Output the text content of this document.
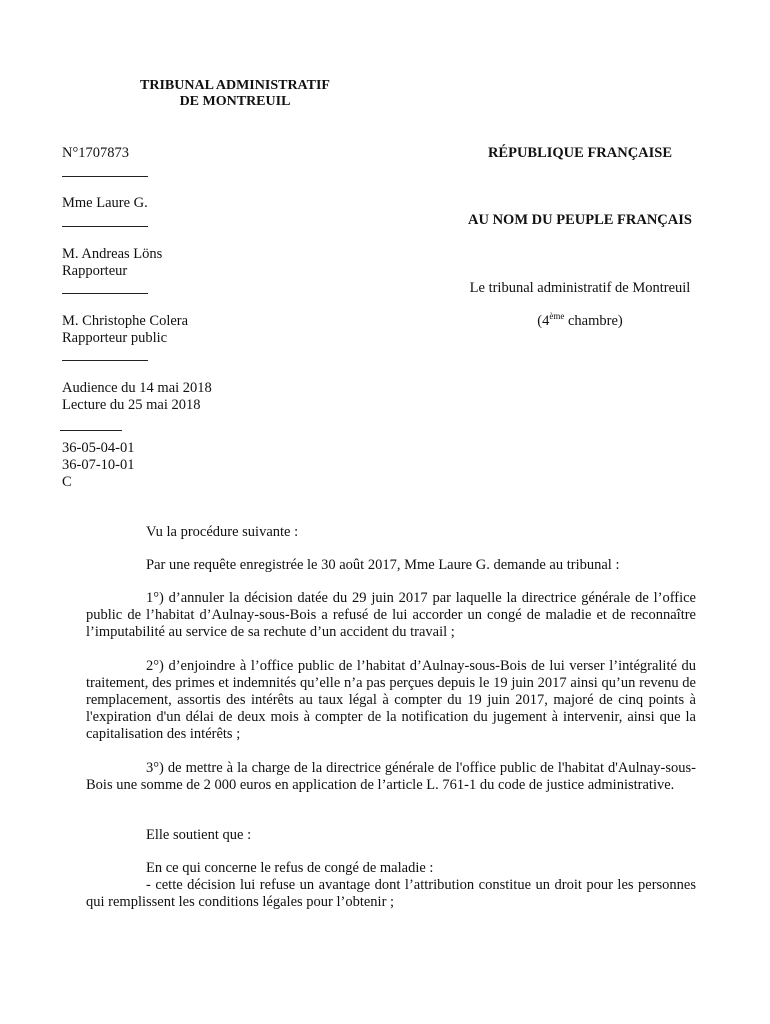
TRIBUNAL ADMINISTRATIF
DE MONTREUIL
N°1707873
Mme Laure G.
M. Andreas Löns
Rapporteur
M. Christophe Colera
Rapporteur public
Audience du 14 mai 2018
Lecture du 25 mai 2018
36-05-04-01
36-07-10-01
C
RÉPUBLIQUE FRANÇAISE
AU NOM DU PEUPLE FRANÇAIS
Le tribunal administratif de Montreuil
(4ème chambre)
Vu la procédure suivante :
Par une requête enregistrée le 30 août 2017, Mme Laure G. demande au tribunal :
1°) d’annuler la décision datée du 29 juin 2017 par laquelle la directrice générale de l’office public de l’habitat d’Aulnay-sous-Bois a refusé de lui accorder un congé de maladie et de reconnaître l’imputabilité au service de sa rechute d’un accident du travail ;
2°) d’enjoindre à l’office public de l’habitat d’Aulnay-sous-Bois de lui verser l’intégralité du traitement, des primes et indemnités qu’elle n’a pas perçues depuis le 19 juin 2017 ainsi qu’un revenu de remplacement, assortis des intérêts au taux légal à compter du 19 juin 2017, majoré de cinq points à l'expiration d'un délai de deux mois à compter de la notification du jugement à intervenir, ainsi que la capitalisation des intérêts ;
3°) de mettre à la charge de la directrice générale de l'office public de l'habitat d'Aulnay-sous-Bois une somme de 2 000 euros en application de l’article L. 761-1 du code de justice administrative.
Elle soutient que :
En ce qui concerne le refus de congé de maladie :
- cette décision lui refuse un avantage dont l’attribution constitue un droit pour les personnes qui remplissent les conditions légales pour l’obtenir ;
